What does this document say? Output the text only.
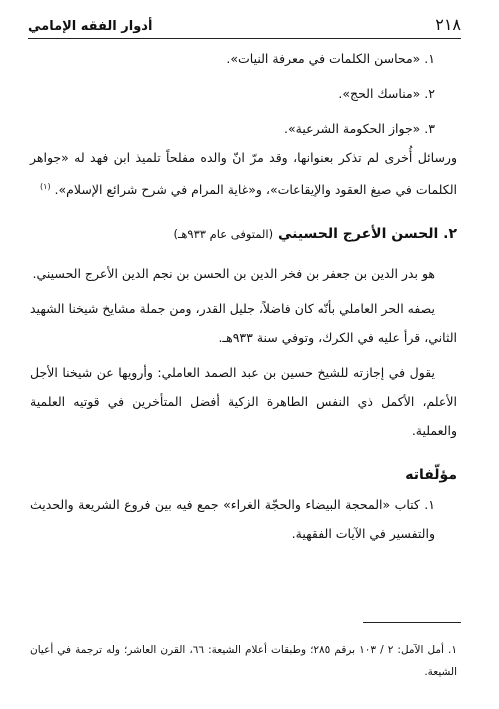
٢١٨
أدوار الفقه الإمامي

١. «محاسن الكلمات في معرفة النيات».

٢. «مناسك الحج».

٣. «جواز الحكومة الشرعية».

ورسائل أُخرى لم تذكر بعنوانها، وقد مرّ انّ والده مفلحاً تلميذ ابن فهد له «جواهر الكلمات في صيغ العقود والإيقاعات»، و«غاية المرام في شرح شرائع الإسلام». $^{(١)}$

٢. الحسن الأعرج الحسيني (المتوفى عام ٩٣٣هـ)

هو بدر الدين بن جعفر بن فخر الدين بن الحسن بن نجم الدين الأعرج الحسيني.

يصفه الحر العاملي بأنّه كان فاضلاً، جليل القدر، ومن جملة مشايخ شيخنا الشهيد الثاني، قرأ عليه في الكرك، وتوفي سنة ٩٣٣هـ.

يقول في إجازته للشيخ حسين بن عبد الصمد العاملي: وأرويها عن شيخنا الأجل الأعلم، الأكمل ذي النفس الطاهرة الزكية أفضل المتأخرين في قوتيه العلمية والعملية.

مؤلّفاته

١. كتاب «المحجة البيضاء والحجّة الغراء» جمع فيه بين فروع الشريعة والحديث والتفسير في الآيات الفقهية.

١. أمل الآمل: ٢ / ١٠٣ برقم ٢٨٥؛ وطبقات أعلام الشيعة: ٦٦، القرن العاشر؛ وله ترجمة في أعيان الشيعة.
